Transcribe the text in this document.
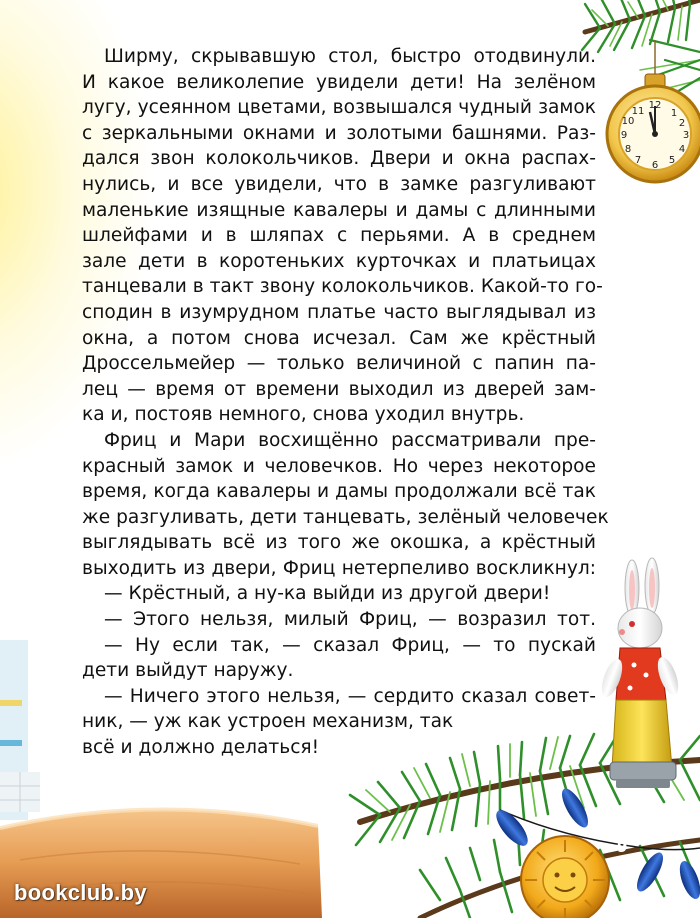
12
3
6
9
1
2
4
5
7
8
10
11
Ширму, скрывавшую стол, быстро отодвинули.
И какое великолепие увидели дети! На зелёном
лугу, усеянном цветами, возвышался чудный замок
с зеркальными окнами и золотыми башнями. Раз-
дался звон колокольчиков. Двери и окна распах-
нулись, и все увидели, что в замке разгуливают
маленькие изящные кавалеры и дамы с длинными
шлейфами и в шляпах с перьями. А в среднем
зале дети в коротеньких курточках и платьицах
танцевали в такт звону колокольчиков. Какой-то го-
сподин в изумрудном платье часто выглядывал из
окна, а потом снова исчезал. Сам же крёстный
Дроссельмейер — только величиной с папин па-
лец — время от времени выходил из дверей зам-
ка и, постояв немного, снова уходил внутрь.
Фриц и Мари восхищённо рассматривали пре-
красный замок и человечков. Но через некоторое
время, когда кавалеры и дамы продолжали всё так
же разгуливать, дети танцевать, зелёный человечек
выглядывать всё из того же окошка, а крёстный
выходить из двери, Фриц нетерпеливо воскликнул:
— Крёстный, а ну-ка выйди из другой двери!
— Этого нельзя, милый Фриц, — возразил тот.
— Ну если так, — сказал Фриц, — то пускай
дети выйдут наружу.
— Ничего этого нельзя, — сердито сказал совет-
ник, — уж как устроен механизм, так
всё и должно делаться!
9
bookclub.by
